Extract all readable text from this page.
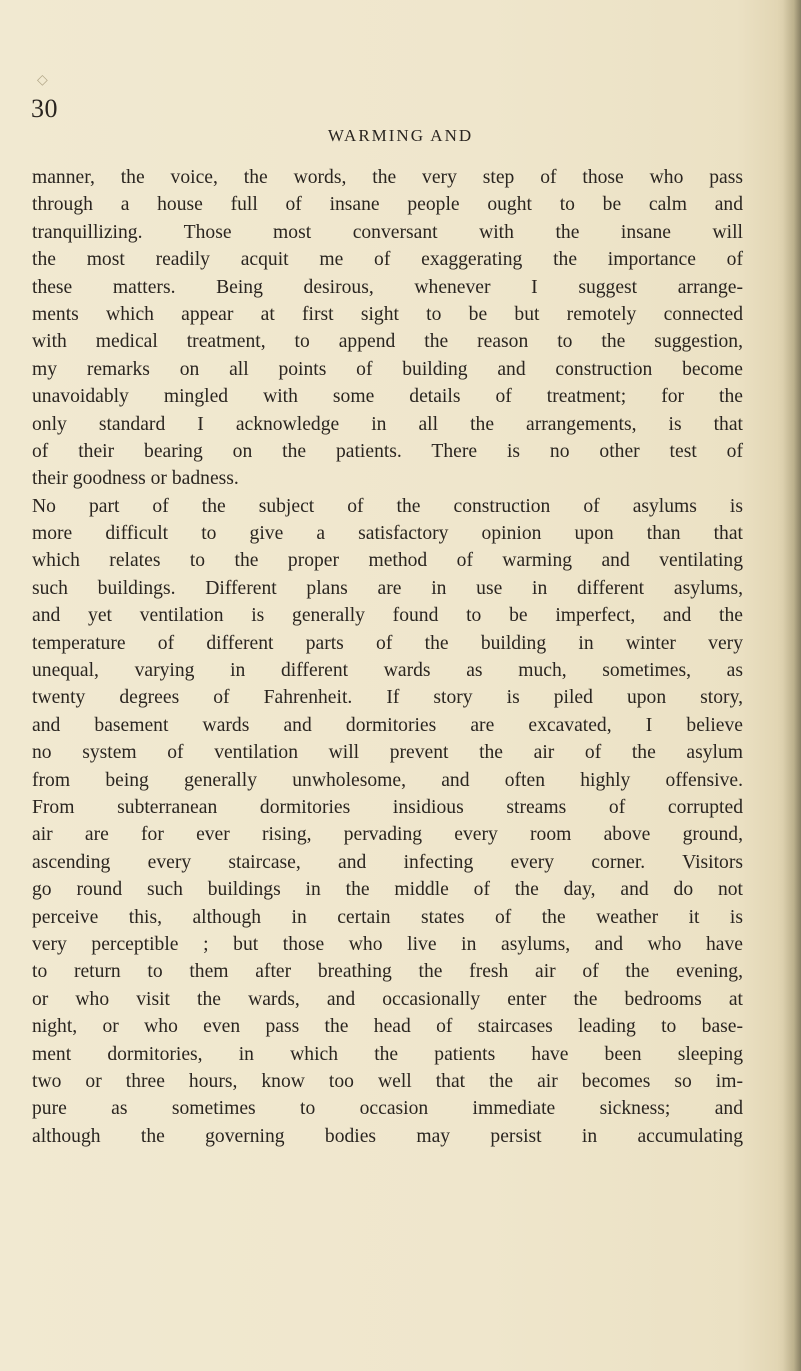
◇
30
WARMING AND
manner, the voice, the words, the very step of those who pass
through a house full of insane people ought to be calm and
tranquillizing. Those most conversant with the insane will
the most readily acquit me of exaggerating the importance of
these matters. Being desirous, whenever I suggest arrange-
ments which appear at first sight to be but remotely connected
with medical treatment, to append the reason to the suggestion,
my remarks on all points of building and construction become
unavoidably mingled with some details of treatment; for the
only standard I acknowledge in all the arrangements, is that
of their bearing on the patients. There is no other test of
their goodness or badness.
No part of the subject of the construction of asylums is
more difficult to give a satisfactory opinion upon than that
which relates to the proper method of warming and ventilating
such buildings. Different plans are in use in different asylums,
and yet ventilation is generally found to be imperfect, and the
temperature of different parts of the building in winter very
unequal, varying in different wards as much, sometimes, as
twenty degrees of Fahrenheit. If story is piled upon story,
and basement wards and dormitories are excavated, I believe
no system of ventilation will prevent the air of the asylum
from being generally unwholesome, and often highly offensive.
From subterranean dormitories insidious streams of corrupted
air are for ever rising, pervading every room above ground,
ascending every staircase, and infecting every corner. Visitors
go round such buildings in the middle of the day, and do not
perceive this, although in certain states of the weather it is
very perceptible ; but those who live in asylums, and who have
to return to them after breathing the fresh air of the evening,
or who visit the wards, and occasionally enter the bedrooms at
night, or who even pass the head of staircases leading to base-
ment dormitories, in which the patients have been sleeping
two or three hours, know too well that the air becomes so im-
pure as sometimes to occasion immediate sickness; and
although the governing bodies may persist in accumulating
